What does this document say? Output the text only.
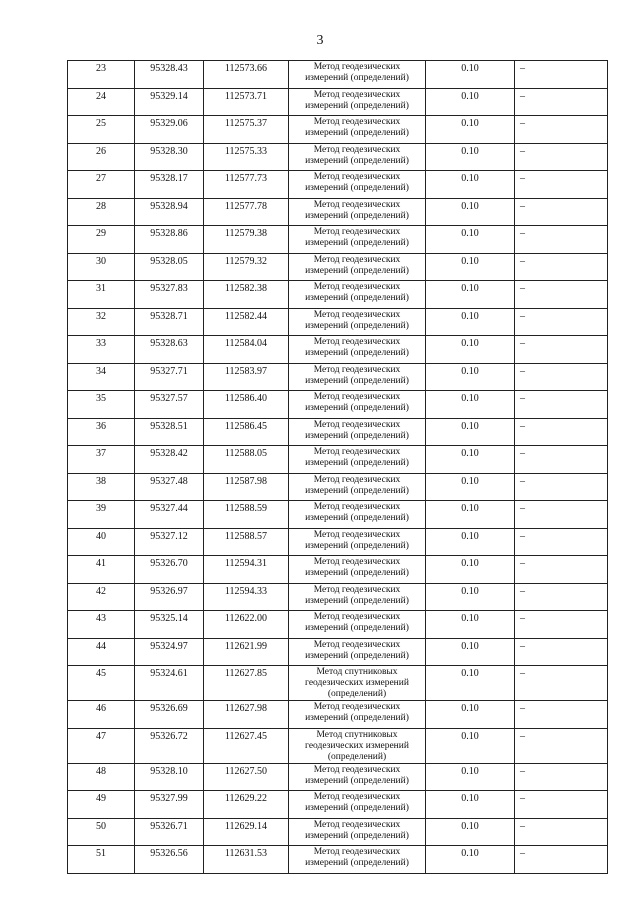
3
23	95328.43	112573.66	Метод геодезических
измерений (определений)	0.10	–

24	95329.14	112573.71	Метод геодезических
измерений (определений)	0.10	–

25	95329.06	112575.37	Метод геодезических
измерений (определений)	0.10	–

26	95328.30	112575.33	Метод геодезических
измерений (определений)	0.10	–

27	95328.17	112577.73	Метод геодезических
измерений (определений)	0.10	–

28	95328.94	112577.78	Метод геодезических
измерений (определений)	0.10	–

29	95328.86	112579.38	Метод геодезических
измерений (определений)	0.10	–

30	95328.05	112579.32	Метод геодезических
измерений (определений)	0.10	–

31	95327.83	112582.38	Метод геодезических
измерений (определений)	0.10	–

32	95328.71	112582.44	Метод геодезических
измерений (определений)	0.10	–

33	95328.63	112584.04	Метод геодезических
измерений (определений)	0.10	–

34	95327.71	112583.97	Метод геодезических
измерений (определений)	0.10	–

35	95327.57	112586.40	Метод геодезических
измерений (определений)	0.10	–

36	95328.51	112586.45	Метод геодезических
измерений (определений)	0.10	–

37	95328.42	112588.05	Метод геодезических
измерений (определений)	0.10	–

38	95327.48	112587.98	Метод геодезических
измерений (определений)	0.10	–

39	95327.44	112588.59	Метод геодезических
измерений (определений)	0.10	–

40	95327.12	112588.57	Метод геодезических
измерений (определений)	0.10	–

41	95326.70	112594.31	Метод геодезических
измерений (определений)	0.10	–

42	95326.97	112594.33	Метод геодезических
измерений (определений)	0.10	–

43	95325.14	112622.00	Метод геодезических
измерений (определений)	0.10	–

44	95324.97	112621.99	Метод геодезических
измерений (определений)	0.10	–

45	95324.61	112627.85	Метод спутниковых
геодезических измерений
(определений)	0.10	–

46	95326.69	112627.98	Метод геодезических
измерений (определений)	0.10	–

47	95326.72	112627.45	Метод спутниковых
геодезических измерений
(определений)	0.10	–

48	95328.10	112627.50	Метод геодезических
измерений (определений)	0.10	–

49	95327.99	112629.22	Метод геодезических
измерений (определений)	0.10	–

50	95326.71	112629.14	Метод геодезических
измерений (определений)	0.10	–

51	95326.56	112631.53	Метод геодезических
измерений (определений)	0.10	–
